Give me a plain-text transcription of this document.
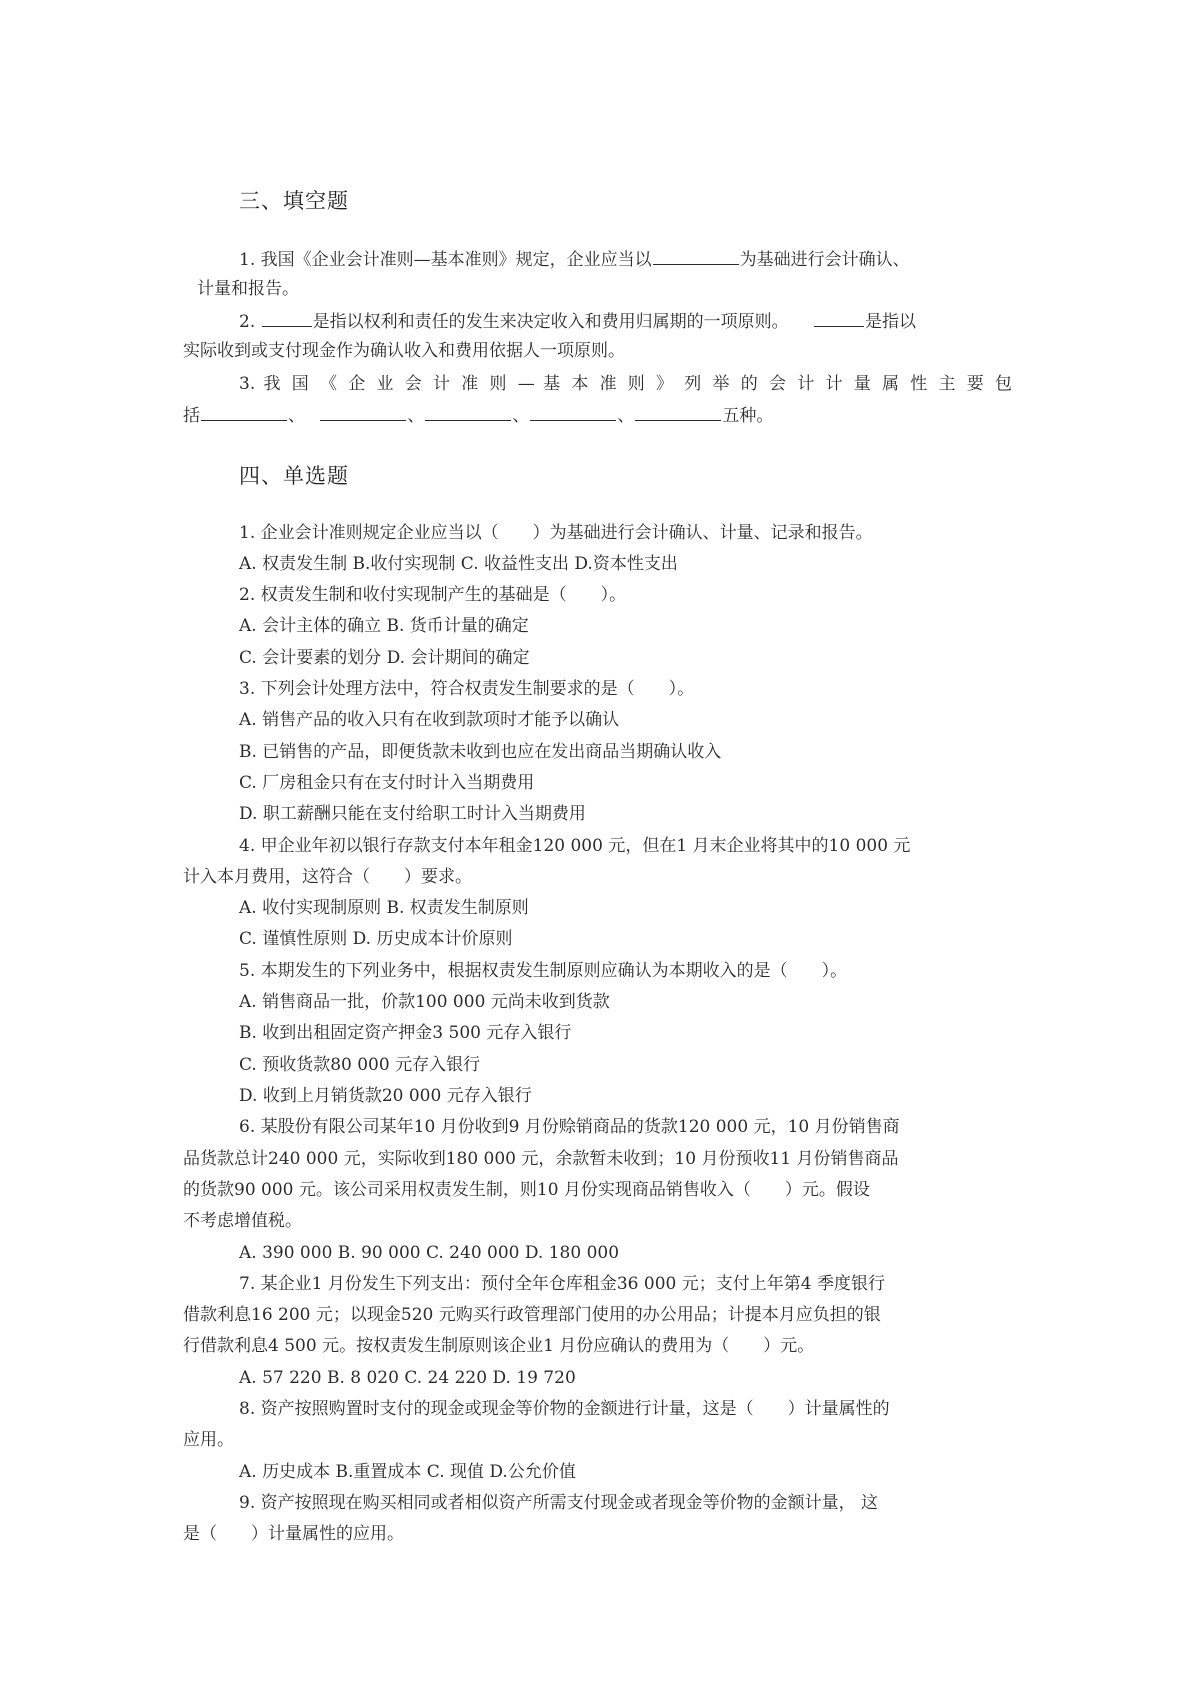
三、填空题
1. 我国《企业会计准则—基本准则》规定，企业应当以	为基础进行会计确认、
计量和报告。
2.	是指以权利和责任的发生来决定收入和费用归属期的一项原则。	是指以
实际收到或支付现金作为确认收入和费用依据人一项原则。
3. 我 国 《 企 业 会 计 准 则 — 基 本 准 则 》 列 举 的 会 计 计 量 属 性 主 要 包
括	、	、	、	、	五种。
四、单选题
1. 企业会计准则规定企业应当以（　　）为基础进行会计确认、计量、记录和报告。
A. 权责发生制 B.收付实现制 C. 收益性支出 D.资本性支出
2. 权责发生制和收付实现制产生的基础是（　　）。
A. 会计主体的确立 B. 货币计量的确定
C. 会计要素的划分 D. 会计期间的确定
3. 下列会计处理方法中，符合权责发生制要求的是（　　）。
A. 销售产品的收入只有在收到款项时才能予以确认
B. 已销售的产品，即便货款未收到也应在发出商品当期确认收入
C. 厂房租金只有在支付时计入当期费用
D. 职工薪酬只能在支付给职工时计入当期费用
4. 甲企业年初以银行存款支付本年租金120 000 元，但在1 月末企业将其中的10 000 元
计入本月费用，这符合（　　）要求。
A. 收付实现制原则 B. 权责发生制原则
C. 谨慎性原则 D. 历史成本计价原则
5. 本期发生的下列业务中，根据权责发生制原则应确认为本期收入的是（　　）。
A. 销售商品一批，价款100 000 元尚未收到货款
B. 收到出租固定资产押金3 500 元存入银行
C. 预收货款80 000 元存入银行
D. 收到上月销货款20 000 元存入银行
6. 某股份有限公司某年10 月份收到9 月份赊销商品的货款120 000 元，10 月份销售商
品货款总计240 000 元，实际收到180 000 元，余款暂未收到；10 月份预收11 月份销售商品
的货款90 000 元。该公司采用权责发生制，则10 月份实现商品销售收入（　　）元。假设
不考虑增值税。
A. 390 000 B. 90 000 C. 240 000 D. 180 000
7. 某企业1 月份发生下列支出：预付全年仓库租金36 000 元；支付上年第4 季度银行
借款利息16 200 元；以现金520 元购买行政管理部门使用的办公用品；计提本月应负担的银
行借款利息4 500 元。按权责发生制原则该企业1 月份应确认的费用为（　　）元。
A. 57 220 B. 8 020 C. 24 220 D. 19 720
8. 资产按照购置时支付的现金或现金等价物的金额进行计量，这是（　　）计量属性的
应用。
A. 历史成本 B.重置成本 C. 现值 D.公允价值
9. 资产按照现在购买相同或者相似资产所需支付现金或者现金等价物的金额计量， 这
是（　　）计量属性的应用。
